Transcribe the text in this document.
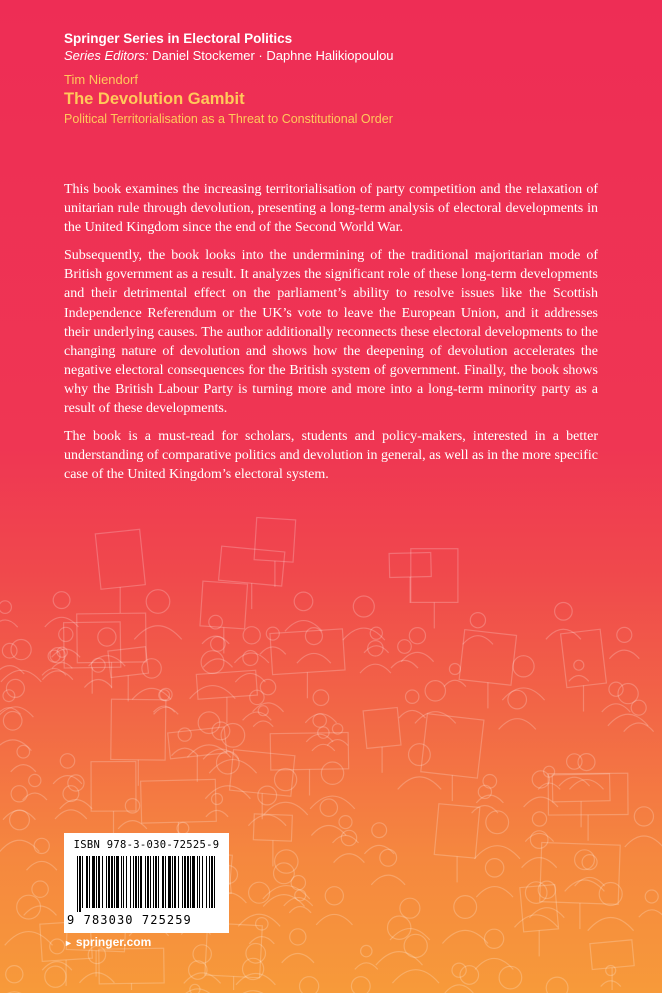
Springer Series in Electoral Politics
Series Editors: Daniel Stockemer · Daphne Halikiopoulou
Tim Niendorf
The Devolution Gambit
Political Territorialisation as a Threat to Constitutional Order

This book examines the increasing territorialisation of party competition and the relaxation of unitarian rule through devolution, presenting a long-term analysis of electoral developments in the United Kingdom since the end of the Second World War.

Subsequently, the book looks into the undermining of the traditional majoritarian mode of British government as a result. It analyzes the significant role of these long-term developments and their detrimental effect on the parliament’s ability to resolve issues like the Scottish Independence Referendum or the UK’s vote to leave the European Union, and it addresses their underlying causes. The author additionally reconnects these electoral developments to the changing nature of devolution and shows how the deepening of devolution accelerates the negative electoral consequences for the British system of government. Finally, the book shows why the British Labour Party is turning more and more into a long-term minority party as a result of these developments.

The book is a must-read for scholars, students and policy-makers, interested in a better understanding of comparative politics and devolution in general, as well as in the more specific case of the United Kingdom’s electoral system.

ISBN 978-3-030-72525-9
9 783030 725259
► springer.com
